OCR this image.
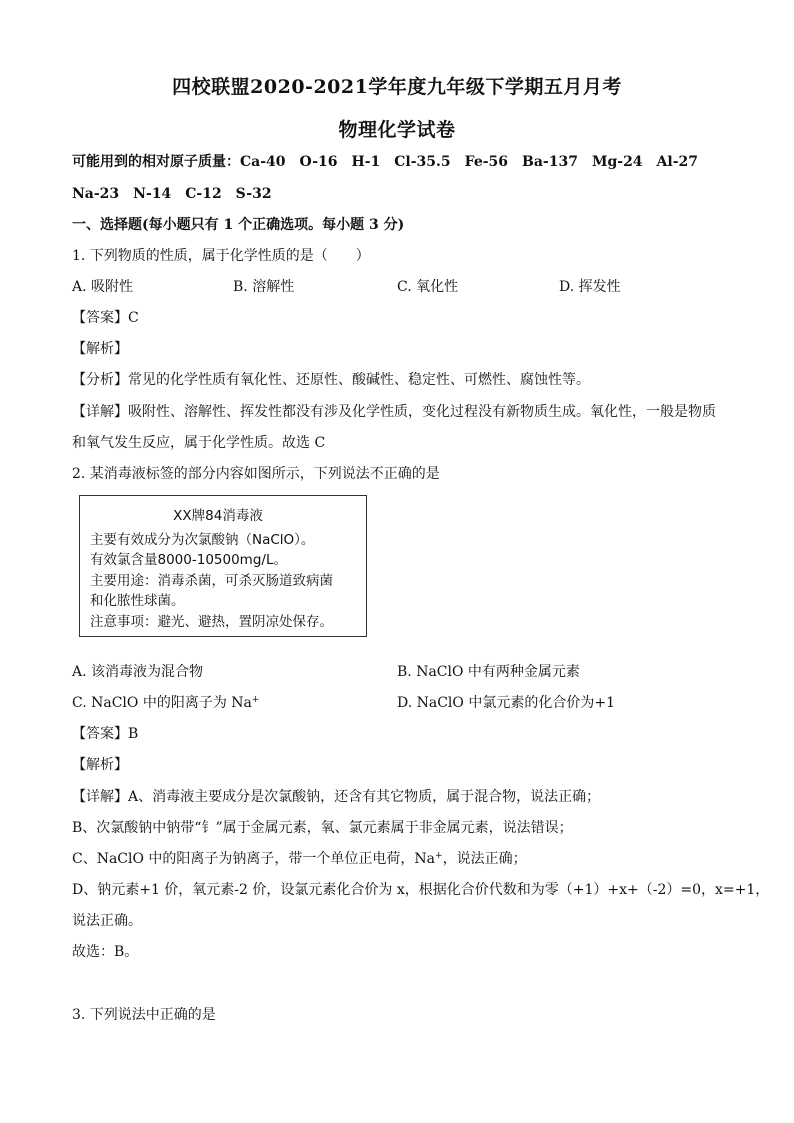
四校联盟2020-2021学年度九年级下学期五月月考
物理化学试卷
可能用到的相对原子质量：Ca-40　O-16　H-1　Cl-35.5　Fe-56　Ba-137　Mg-24　Al-27
Na-23　N-14　C-12　S-32
一、选择题(每小题只有 1 个正确选项。每小题 3 分)
1. 下列物质的性质，属于化学性质的是（　　）
A. 吸附性	B. 溶解性	C. 氧化性	D. 挥发性
【答案】C
【解析】
【分析】常见的化学性质有氧化性、还原性、酸碱性、稳定性、可燃性、腐蚀性等。
【详解】吸附性、溶解性、挥发性都没有涉及化学性质，变化过程没有新物质生成。氧化性，一般是物质
和氧气发生反应，属于化学性质。故选 C
2. 某消毒液标签的部分内容如图所示，下列说法不正确的是
XX牌84消毒液
主要有效成分为次氯酸钠（NaClO）。
有效氯含量8000-10500mg/L。
主要用途：消毒杀菌，可杀灭肠道致病菌
和化脓性球菌。
注意事项：避光、避热，置阴凉处保存。
A. 该消毒液为混合物	B. NaClO 中有两种金属元素
C. NaClO 中的阳离子为 Na+	D. NaClO 中氯元素的化合价为+1
【答案】B
【解析】
【详解】A、消毒液主要成分是次氯酸钠，还含有其它物质，属于混合物，说法正确；
B、次氯酸钠中钠带“钅”属于金属元素，氧、氯元素属于非金属元素，说法错误；
C、NaClO 中的阳离子为钠离子，带一个单位正电荷，Na+，说法正确；
D、钠元素+1 价，氧元素-2 价，设氯元素化合价为 x，根据化合价代数和为零（+1）+x+（-2）=0，x=+1，
说法正确。
故选：B。
3. 下列说法中正确的是
